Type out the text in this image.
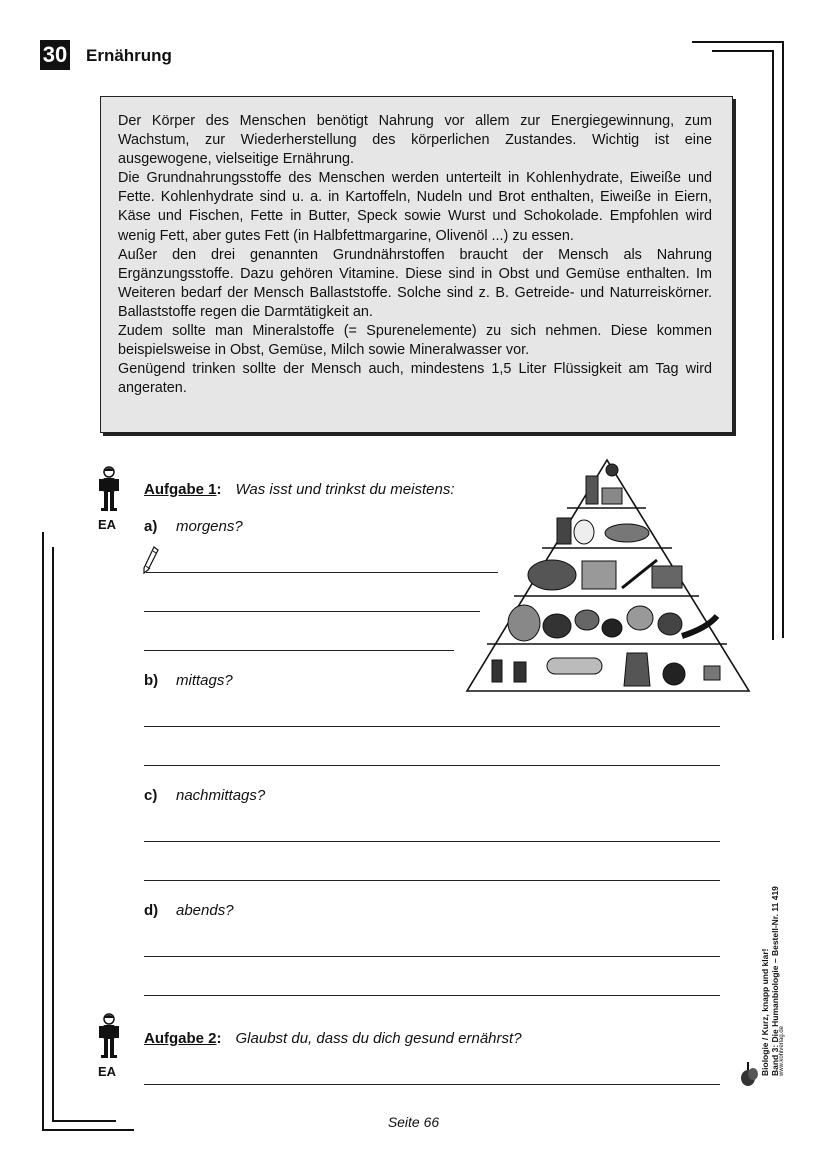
30 Ernährung

Der Körper des Menschen benötigt Nahrung vor allem zur Energiegewinnung, zum Wachstum, zur Wiederherstellung des körperlichen Zustandes. Wichtig ist eine ausgewogene, vielseitige Ernährung.

Die Grundnahrungsstoffe des Menschen werden unterteilt in Kohlenhydrate, Eiweiße und Fette. Kohlenhydrate sind u. a. in Kartoffeln, Nudeln und Brot enthalten, Eiweiße in Eiern, Käse und Fischen, Fette in Butter, Speck sowie Wurst und Schokolade. Empfohlen wird wenig Fett, aber gutes Fett (in Halbfettmargarine, Olivenöl ...) zu essen.

Außer den drei genannten Grundnährstoffen braucht der Mensch als Nahrung Ergänzungsstoffe. Dazu gehören Vitamine. Diese sind in Obst und Gemüse enthalten. Im Weiteren bedarf der Mensch Ballaststoffe. Solche sind z. B. Getreide- und Naturreiskörner. Ballaststoffe regen die Darmtätigkeit an.

Zudem sollte man Mineralstoffe (= Spurenelemente) zu sich nehmen. Diese kommen beispielsweise in Obst, Gemüse, Milch sowie Mineralwasser vor.

Genügend trinken sollte der Mensch auch, mindestens 1,5 Liter Flüssigkeit am Tag wird angeraten.

EA
Aufgabe 1: Was isst und trinkst du meistens:
a) morgens?
b) mittags?
c) nachmittags?
d) abends?
EA
Aufgabe 2: Glaubst du, dass du dich gesund ernährst?	Biologie / Kurz, knapp und klar! Band 3: Die Humanbiologie – Bestell-Nr. 11 419 www.kohlverlag.de
Seite 66
